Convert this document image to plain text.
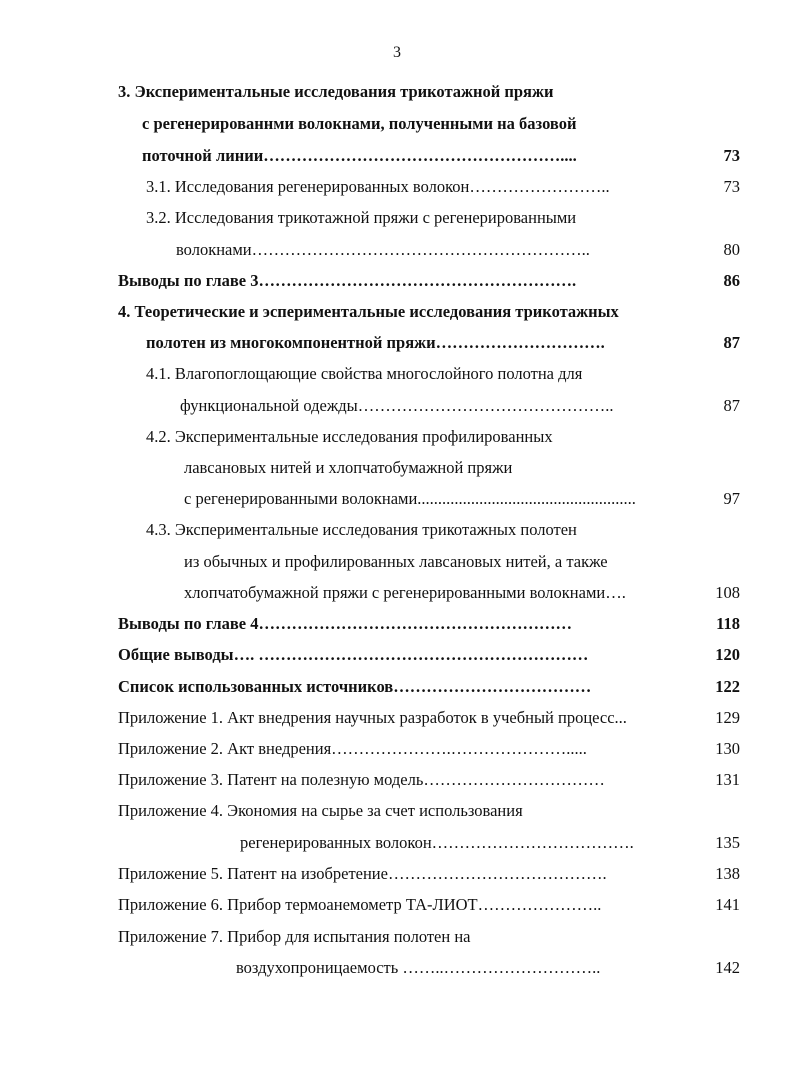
3
3. Экспериментальные исследования трикотажной пряжи
с регенерированнми волокнами, полученными на базовой
поточной линии………………………………………………....	73
3.1. Исследования регенерированных волокон……………………..	73
3.2. Исследования трикотажной пряжи с регенерированными
волокнами……………………………………………………..	80
Выводы по главе 3………………………………………………….	86
4. Теоретические и эспериментальные исследования трикотажных
полотен из многокомпонентной пряжи………………………….	87
4.1. Влагопоглощающие свойства многослойного полотна для
функциональной одежды………………………………………..	87
4.2. Экспериментальные исследования профилированных
лавсановых нитей и хлопчатобумажной пряжи
с регенерированными волокнами.....................................................	97
4.3. Экспериментальные исследования трикотажных полотен
из обычных и профилированных лавсановых нитей, а также
хлопчатобумажной пряжи с регенерированными волокнами….	108
Выводы по главе 4…………………………………………………	118
Общие выводы…. ……………………………………………………	120
Список использованных источников………………………………	122
Приложение 1. Акт внедрения научных разработок в учебный процесс...	129
Приложение 2. Акт внедрения………………….………………….....	130
Приложение 3. Патент на полезную модель……………………………	131
Приложение 4. Экономия на сырье за счет использования
регенерированных волокон……………………………….	135
Приложение 5. Патент на изобретение………………………………….	138
Приложение 6. Прибор термоанемометр ТА-ЛИОТ…………………..	141
Приложение 7. Прибор для испытания полотен на
воздухопроницаемость ……..………………………..	142
